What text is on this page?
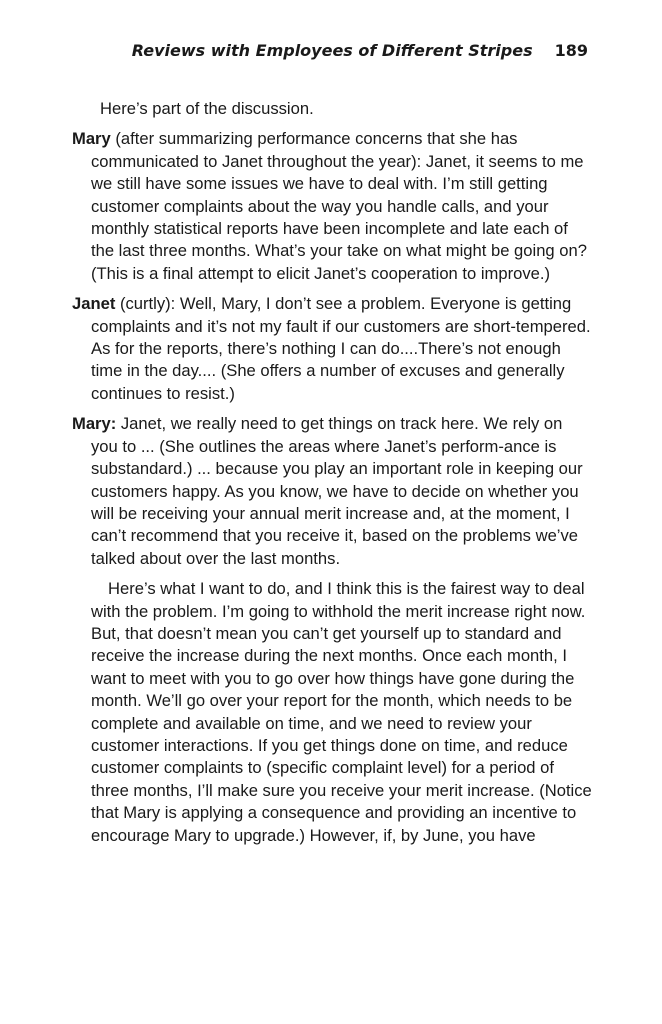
Reviews with Employees of Different Stripes 189

Here’s part of the discussion.

Mary (after summarizing performance concerns that she has communicated to Janet throughout the year): Janet, it seems to me we still have some issues we have to deal with. I’m still getting customer complaints about the way you handle calls, and your monthly statistical reports have been incomplete and late each of the last three months. What’s your take on what might be going on? (This is a final attempt to elicit Janet’s cooperation to improve.)

Janet (curtly): Well, Mary, I don’t see a problem. Everyone is getting complaints and it’s not my fault if our customers are short-tempered. As for the reports, there’s nothing I can do....There’s not enough time in the day.... (She offers a number of excuses and generally continues to resist.)

Mary: Janet, we really need to get things on track here. We rely on you to ... (She outlines the areas where Janet’s perform-ance is substandard.) ... because you play an important role in keeping our customers happy. As you know, we have to decide on whether you will be receiving your annual merit increase and, at the moment, I can’t recommend that you receive it, based on the problems we’ve talked about over the last months.

Here’s what I want to do, and I think this is the fairest way to deal with the problem. I’m going to withhold the merit increase right now. But, that doesn’t mean you can’t get yourself up to standard and receive the increase during the next months. Once each month, I want to meet with you to go over how things have gone during the month. We’ll go over your report for the month, which needs to be complete and available on time, and we need to review your customer interactions. If you get things done on time, and reduce customer complaints to (specific complaint level) for a period of three months, I’ll make sure you receive your merit increase. (Notice that Mary is applying a consequence and providing an incentive to encourage Mary to upgrade.) However, if, by June, you have
